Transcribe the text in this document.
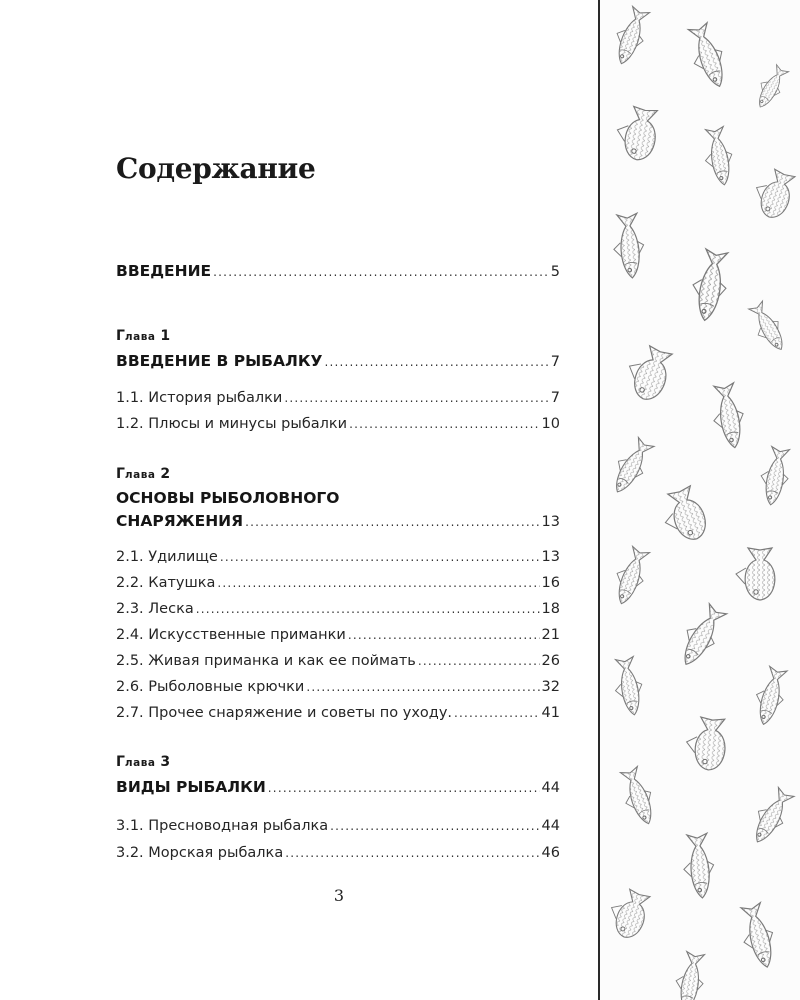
Содержание
ВВЕДЕНИЕ .....	5
Глава 1
ВВЕДЕНИЕ В РЫБАЛКУ .....	7
1.1. История рыбалки .....	7
1.2. Плюсы и минусы рыбалки .....	10
Глава 2
ОСНОВЫ РЫБОЛОВНОГО
СНАРЯЖЕНИЯ .....	13
2.1. Удилище .....	13
2.2. Катушка .....	16
2.3. Леска .....	18
2.4. Искусственные приманки .....	21
2.5. Живая приманка и как ее поймать .....	26
2.6. Рыболовные крючки .....	32
2.7. Прочее снаряжение и советы по уходу. .....	41
Глава 3
ВИДЫ РЫБАЛКИ .....	44
3.1. Пресноводная рыбалка .....	44
3.2. Морская рыбалка .....	46
3
